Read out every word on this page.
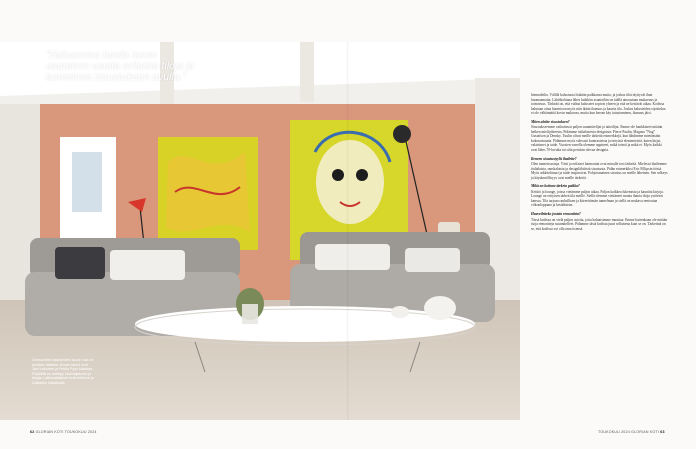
”Haluamme luoda isoon asuntoon useita erilaisia tiloja ja tunnelmia sisustuksen avulla.”
Olohuoneen kalusteiden suurin osa on peräisin Italiasta. Kuvan taulut ovat Jani Leinosen ja Pekka Pyyn käsialaa. Pöydällä on laattoja, lasimaljakoita ja kirjoja. Lattiavalaisimet ovat Arteluce ja Castaldin klassikoita.

biennaleilta. Välillä kalustusta lisätään paikkansa mutta, ja joskus tilat täyttyvät ihan huomaamatta. Lähtökohtana lähes kaikkiin asuntoihin on täällä ainoastaan mukavuus ja toimivuus. Tärkeää on, että valitut kalusteet sopivat yhteen ja että ne kestävät aikaa. Kodissa halutaan ottaa huomioon myös niin ikään ihanuus ja kaunis tila. Joskus kalusteiden sijoittelua ei ole välttämättä kovin mukavaa, mutta kun kerran käy tutustuminen, ihanuus jäisi.

Miten aloitte sisustuksen?

Sisustukseemme vaikuttavat paljon suunnittelijat ja taiteilijat. Emme ole hankkineet mitään hetken mielijohteesta. Pidämme italialaisesta designista: Pierre Paulin, Magnus ”Nug” Gustafson ja Densky. Tuulin olivat meille tärkeitä esimerkkejä, kun lähdimme miettimään kokonaisuutta. Pidämme myös vahvasti kontrasteista ja tietyistä elementeistä, kuten kirjat, valaisimet ja taide. Vuosien varrella olemme oppineet, mikä toimii ja mikä ei. Myös kaikki ovat lähes 70-luvulta tai siitä peräisin olevaa designia.

Keneen sisustustyylit ihailette?

Olen tunnesisustaja. Värit ja erilaiset harmoniat ovat minulle tosi tärkeitä. Mielessä ihailemme italialaista, ranskalaista ja designlähtöistä sisustusta. Pidän esimerkiksi Eric Fillipsin töistä. Myös arkkitehtuuri ja taide inspiroivat. Pohjoismainen sisustus on meille läheinen. Sen selkeys ja käytännöllisyys ovat meille tärkeitä.

Mikä on kotinne tärkein paikka?

Keittiö ja lounge, joissa vietämme paljon aikaa. Paljon kaikkea lukemista ja kauniita kirjoja. Lounge on erityisen tärkeä tila meille. Siellä olemme viettäneet monia ihania iltoja ystävien kanssa. Tila tarjoaa rauhallisen ja kiireettömän tunnelman ja siellä on mukava rentoutua viikonloppuna ja kesäiltaisin.

Haaveiletteko jostain remontista?

Tässä kodissa on vielä paljon asioita, joita haluaisimme muuttaa. Emme kuitenkaan ole mitään isoja remontteja suunnitelleet. Pidämme tästä kodista juuri sellaisena kuin se on. Tärkeintä on se, että kodissa voi olla oma itsensä.

62 GLORIAN KOTI TOUKOKUU 2024	TOUKOKUU 2024 GLORIAN KOTI 63
